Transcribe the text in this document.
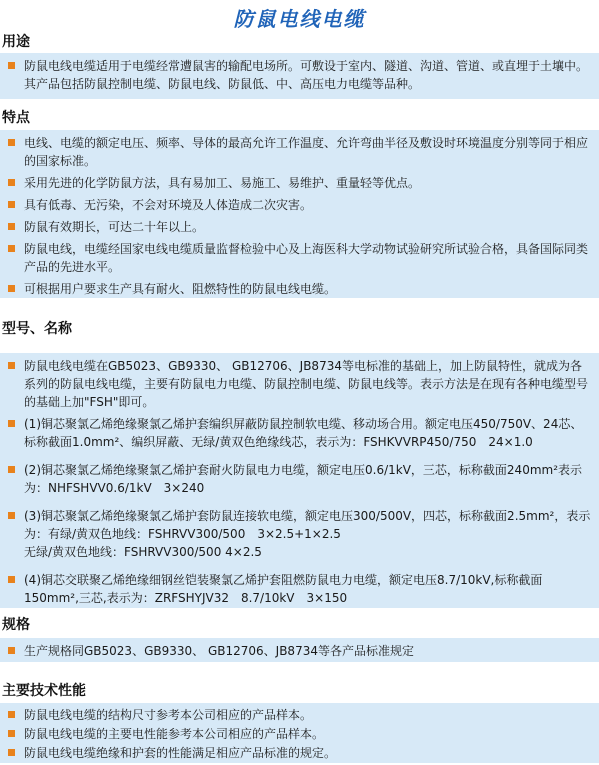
防鼠电线电缆
用途
防鼠电线电缆适用于电缆经常遭鼠害的输配电场所。可敷设于室内、隧道、沟道、管道、或直埋于土壤中。其产品包括防鼠控制电缆、防鼠电线、防鼠低、中、高压电力电缆等品种。
特点
电线、电缆的额定电压、频率、导体的最高允许工作温度、允许弯曲半径及敷设时环境温度分别等同于相应的国家标准。
采用先进的化学防鼠方法，具有易加工、易施工、易维护、重量轻等优点。
具有低毒、无污染，不会对环境及人体造成二次灾害。
防鼠有效期长，可达二十年以上。
防鼠电线，电缆经国家电线电缆质量监督检验中心及上海医科大学动物试验研究所试验合格，具备国际同类产品的先进水平。
可根据用户要求生产具有耐火、阻燃特性的防鼠电线电缆。
型号、名称
防鼠电线电缆在GB5023、GB9330、 GB12706、JB8734等电标准的基础上，加上防鼠特性，就成为各系列的防鼠电线电缆，主要有防鼠电力电缆、防鼠控制电缆、防鼠电线等。表示方法是在现有各种电缆型号的基础上加"FSH"即可。
(1)铜芯聚氯乙烯绝缘聚氯乙烯护套编织屏蔽防鼠控制软电缆、移动场合用。额定电压450/750V、24芯、标称截面1.0mm²、编织屏蔽、无绿/黄双色绝缘线芯，表示为：FSHKVVRP450/750　24×1.0
(2)铜芯聚氯乙烯绝缘聚氯乙烯护套耐火防鼠电力电缆，额定电压0.6/1kV，三芯，标称截面240mm²表示为：NHFSHVV0.6/1kV　3×240
(3)铜芯聚氯乙烯绝缘聚氯乙烯护套防鼠连接软电缆，额定电压300/500V，四芯，标称截面2.5mm²，表示为：有绿/黄双色地线：FSHRVV300/500　3×2.5+1×2.5
无绿/黄双色地线：FSHRVV300/500 4×2.5
(4)铜芯交联聚乙烯绝缘细钢丝铠装聚氯乙烯护套阻燃防鼠电力电缆，额定电压8.7/10kV,标称截面150mm²,三芯,表示为：ZRFSHYJV32　8.7/10kV　3×150
规格
生产规格同GB5023、GB9330、 GB12706、JB8734等各产品标准规定
主要技术性能
防鼠电线电缆的结构尺寸参考本公司相应的产品样本。
防鼠电线电缆的主要电性能参考本公司相应的产品样本。
防鼠电线电缆绝缘和护套的性能满足相应产品标准的规定。
